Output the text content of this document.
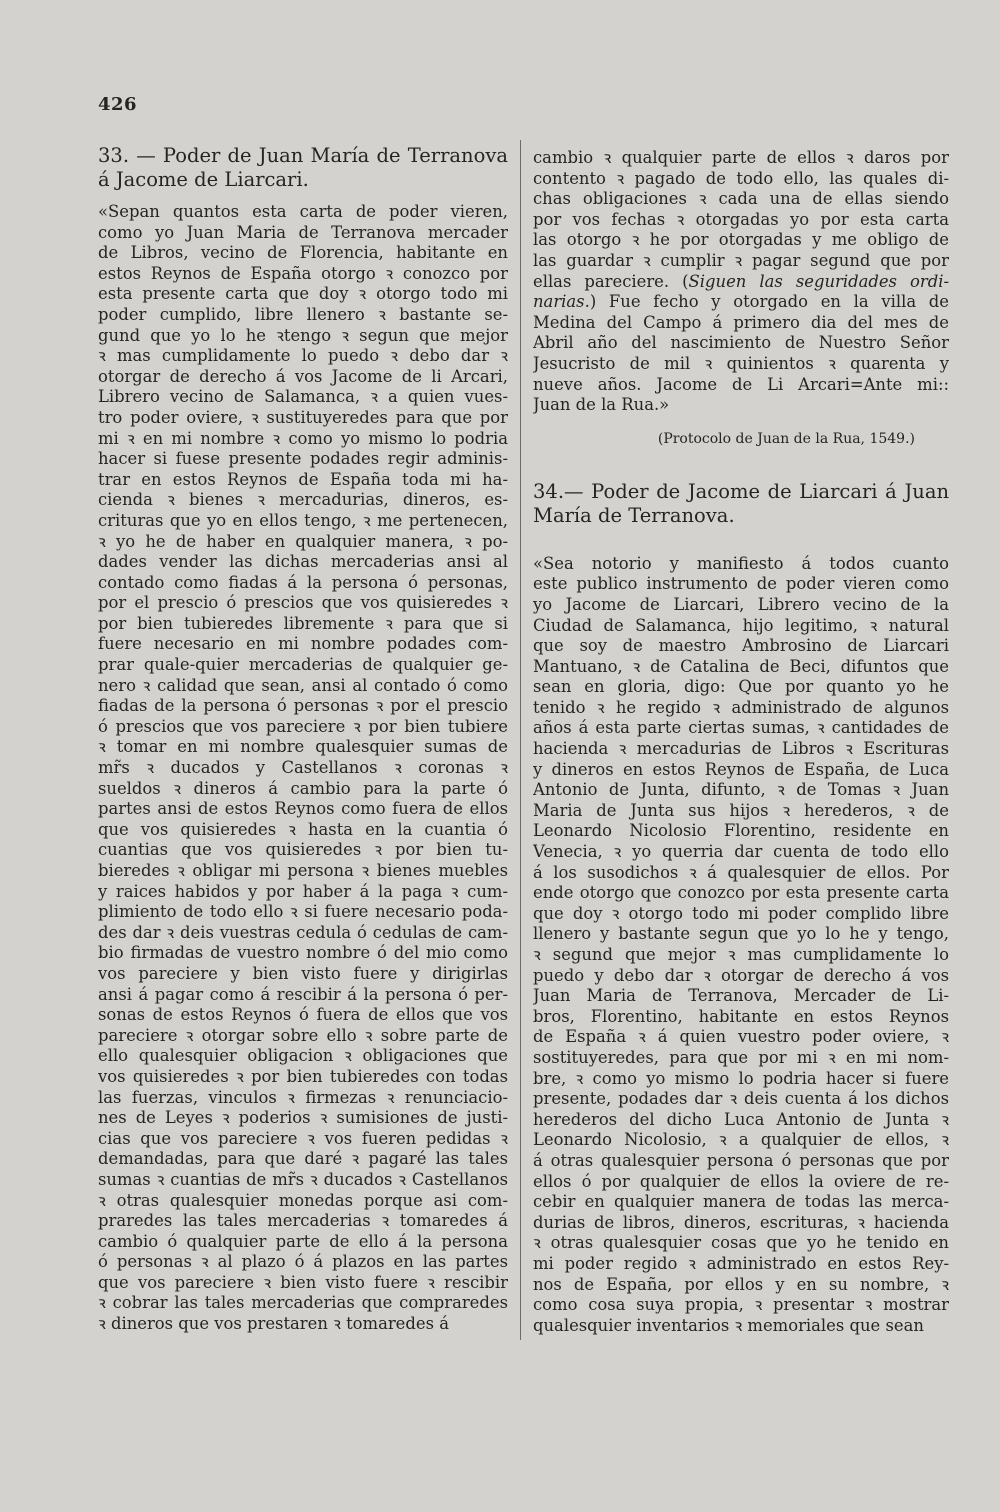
426
33. — Poder de Juan María de Terranova
á Jacome de Liarcari.
«Sepan quantos esta carta de poder vieren,
como yo Juan Maria de Terranova mercader
de Libros, vecino de Florencia, habitante en
estos Reynos de España otorgo ꝛ conozco por
esta presente carta que doy ꝛ otorgo todo mi
poder cumplido, libre llenero ꝛ bastante se-
gund que yo lo he ꝛtengo ꝛ segun que mejor
ꝛ mas cumplidamente lo puedo ꝛ debo dar ꝛ
otorgar de derecho á vos Jacome de li Arcari,
Librero vecino de Salamanca, ꝛ a quien vues-
tro poder oviere, ꝛ sustituyeredes para que por
mi ꝛ en mi nombre ꝛ como yo mismo lo podria
hacer si fuese presente podades regir adminis-
trar en estos Reynos de España toda mi ha-
cienda ꝛ bienes ꝛ mercadurias, dineros, es-
crituras que yo en ellos tengo, ꝛ me pertenecen,
ꝛ yo he de haber en qualquier manera, ꝛ po-
dades vender las dichas mercaderias ansi al
contado como fiadas á la persona ó personas,
por el prescio ó prescios que vos quisieredes ꝛ
por bien tubieredes libremente ꝛ para que si
fuere necesario en mi nombre podades com-
prar quale-quier mercaderias de qualquier ge-
nero ꝛ calidad que sean, ansi al contado ó como
fiadas de la persona ó personas ꝛ por el prescio
ó prescios que vos pareciere ꝛ por bien tubiere
ꝛ tomar en mi nombre qualesquier sumas de
mr̃s ꝛ ducados y Castellanos ꝛ coronas ꝛ
sueldos ꝛ dineros á cambio para la parte ó
partes ansi de estos Reynos como fuera de ellos
que vos quisieredes ꝛ hasta en la cuantia ó
cuantias que vos quisieredes ꝛ por bien tu-
bieredes ꝛ obligar mi persona ꝛ bienes muebles
y raices habidos y por haber á la paga ꝛ cum-
plimiento de todo ello ꝛ si fuere necesario poda-
des dar ꝛ deis vuestras cedula ó cedulas de cam-
bio firmadas de vuestro nombre ó del mio como
vos pareciere y bien visto fuere y dirigirlas
ansi á pagar como á rescibir á la persona ó per-
sonas de estos Reynos ó fuera de ellos que vos
pareciere ꝛ otorgar sobre ello ꝛ sobre parte de
ello qualesquier obligacion ꝛ obligaciones que
vos quisieredes ꝛ por bien tubieredes con todas
las fuerzas, vinculos ꝛ firmezas ꝛ renunciacio-
nes de Leyes ꝛ poderios ꝛ sumisiones de justi-
cias que vos pareciere ꝛ vos fueren pedidas ꝛ
demandadas, para que daré ꝛ pagaré las tales
sumas ꝛ cuantias de mr̃s ꝛ ducados ꝛ Castellanos
ꝛ otras qualesquier monedas porque asi com-
praredes las tales mercaderias ꝛ tomaredes á
cambio ó qualquier parte de ello á la persona
ó personas ꝛ al plazo ó á plazos en las partes
que vos pareciere ꝛ bien visto fuere ꝛ rescibir
ꝛ cobrar las tales mercaderias que compraredes
ꝛ dineros que vos prestaren ꝛ tomaredes á
cambio ꝛ qualquier parte de ellos ꝛ daros por
contento ꝛ pagado de todo ello, las quales di-
chas obligaciones ꝛ cada una de ellas siendo
por vos fechas ꝛ otorgadas yo por esta carta
las otorgo ꝛ he por otorgadas y me obligo de
las guardar ꝛ cumplir ꝛ pagar segund que por
ellas pareciere. (Siguen las seguridades ordi-
narias.) Fue fecho y otorgado en la villa de
Medina del Campo á primero dia del mes de
Abril año del nascimiento de Nuestro Señor
Jesucristo de mil ꝛ quinientos ꝛ quarenta y
nueve años. Jacome de Li Arcari=Ante mi::
Juan de la Rua.»
(Protocolo de Juan de la Rua, 1549.)
34.— Poder de Jacome de Liarcari á Juan
María de Terranova.
«Sea notorio y manifiesto á todos cuanto
este publico instrumento de poder vieren como
yo Jacome de Liarcari, Librero vecino de la
Ciudad de Salamanca, hijo legitimo, ꝛ natural
que soy de maestro Ambrosino de Liarcari
Mantuano, ꝛ de Catalina de Beci, difuntos que
sean en gloria, digo: Que por quanto yo he
tenido ꝛ he regido ꝛ administrado de algunos
años á esta parte ciertas sumas, ꝛ cantidades de
hacienda ꝛ mercadurias de Libros ꝛ Escrituras
y dineros en estos Reynos de España, de Luca
Antonio de Junta, difunto, ꝛ de Tomas ꝛ Juan
Maria de Junta sus hijos ꝛ herederos, ꝛ de
Leonardo Nicolosio Florentino, residente en
Venecia, ꝛ yo querria dar cuenta de todo ello
á los susodichos ꝛ á qualesquier de ellos. Por
ende otorgo que conozco por esta presente carta
que doy ꝛ otorgo todo mi poder complido libre
llenero y bastante segun que yo lo he y tengo,
ꝛ segund que mejor ꝛ mas cumplidamente lo
puedo y debo dar ꝛ otorgar de derecho á vos
Juan Maria de Terranova, Mercader de Li-
bros, Florentino, habitante en estos Reynos
de España ꝛ á quien vuestro poder oviere, ꝛ
sostituyeredes, para que por mi ꝛ en mi nom-
bre, ꝛ como yo mismo lo podria hacer si fuere
presente, podades dar ꝛ deis cuenta á los dichos
herederos del dicho Luca Antonio de Junta ꝛ
Leonardo Nicolosio, ꝛ a qualquier de ellos, ꝛ
á otras qualesquier persona ó personas que por
ellos ó por qualquier de ellos la oviere de re-
cebir en qualquier manera de todas las merca-
durias de libros, dineros, escrituras, ꝛ hacienda
ꝛ otras qualesquier cosas que yo he tenido en
mi poder regido ꝛ administrado en estos Rey-
nos de España, por ellos y en su nombre, ꝛ
como cosa suya propia, ꝛ presentar ꝛ mostrar
qualesquier inventarios ꝛ memoriales que sean
